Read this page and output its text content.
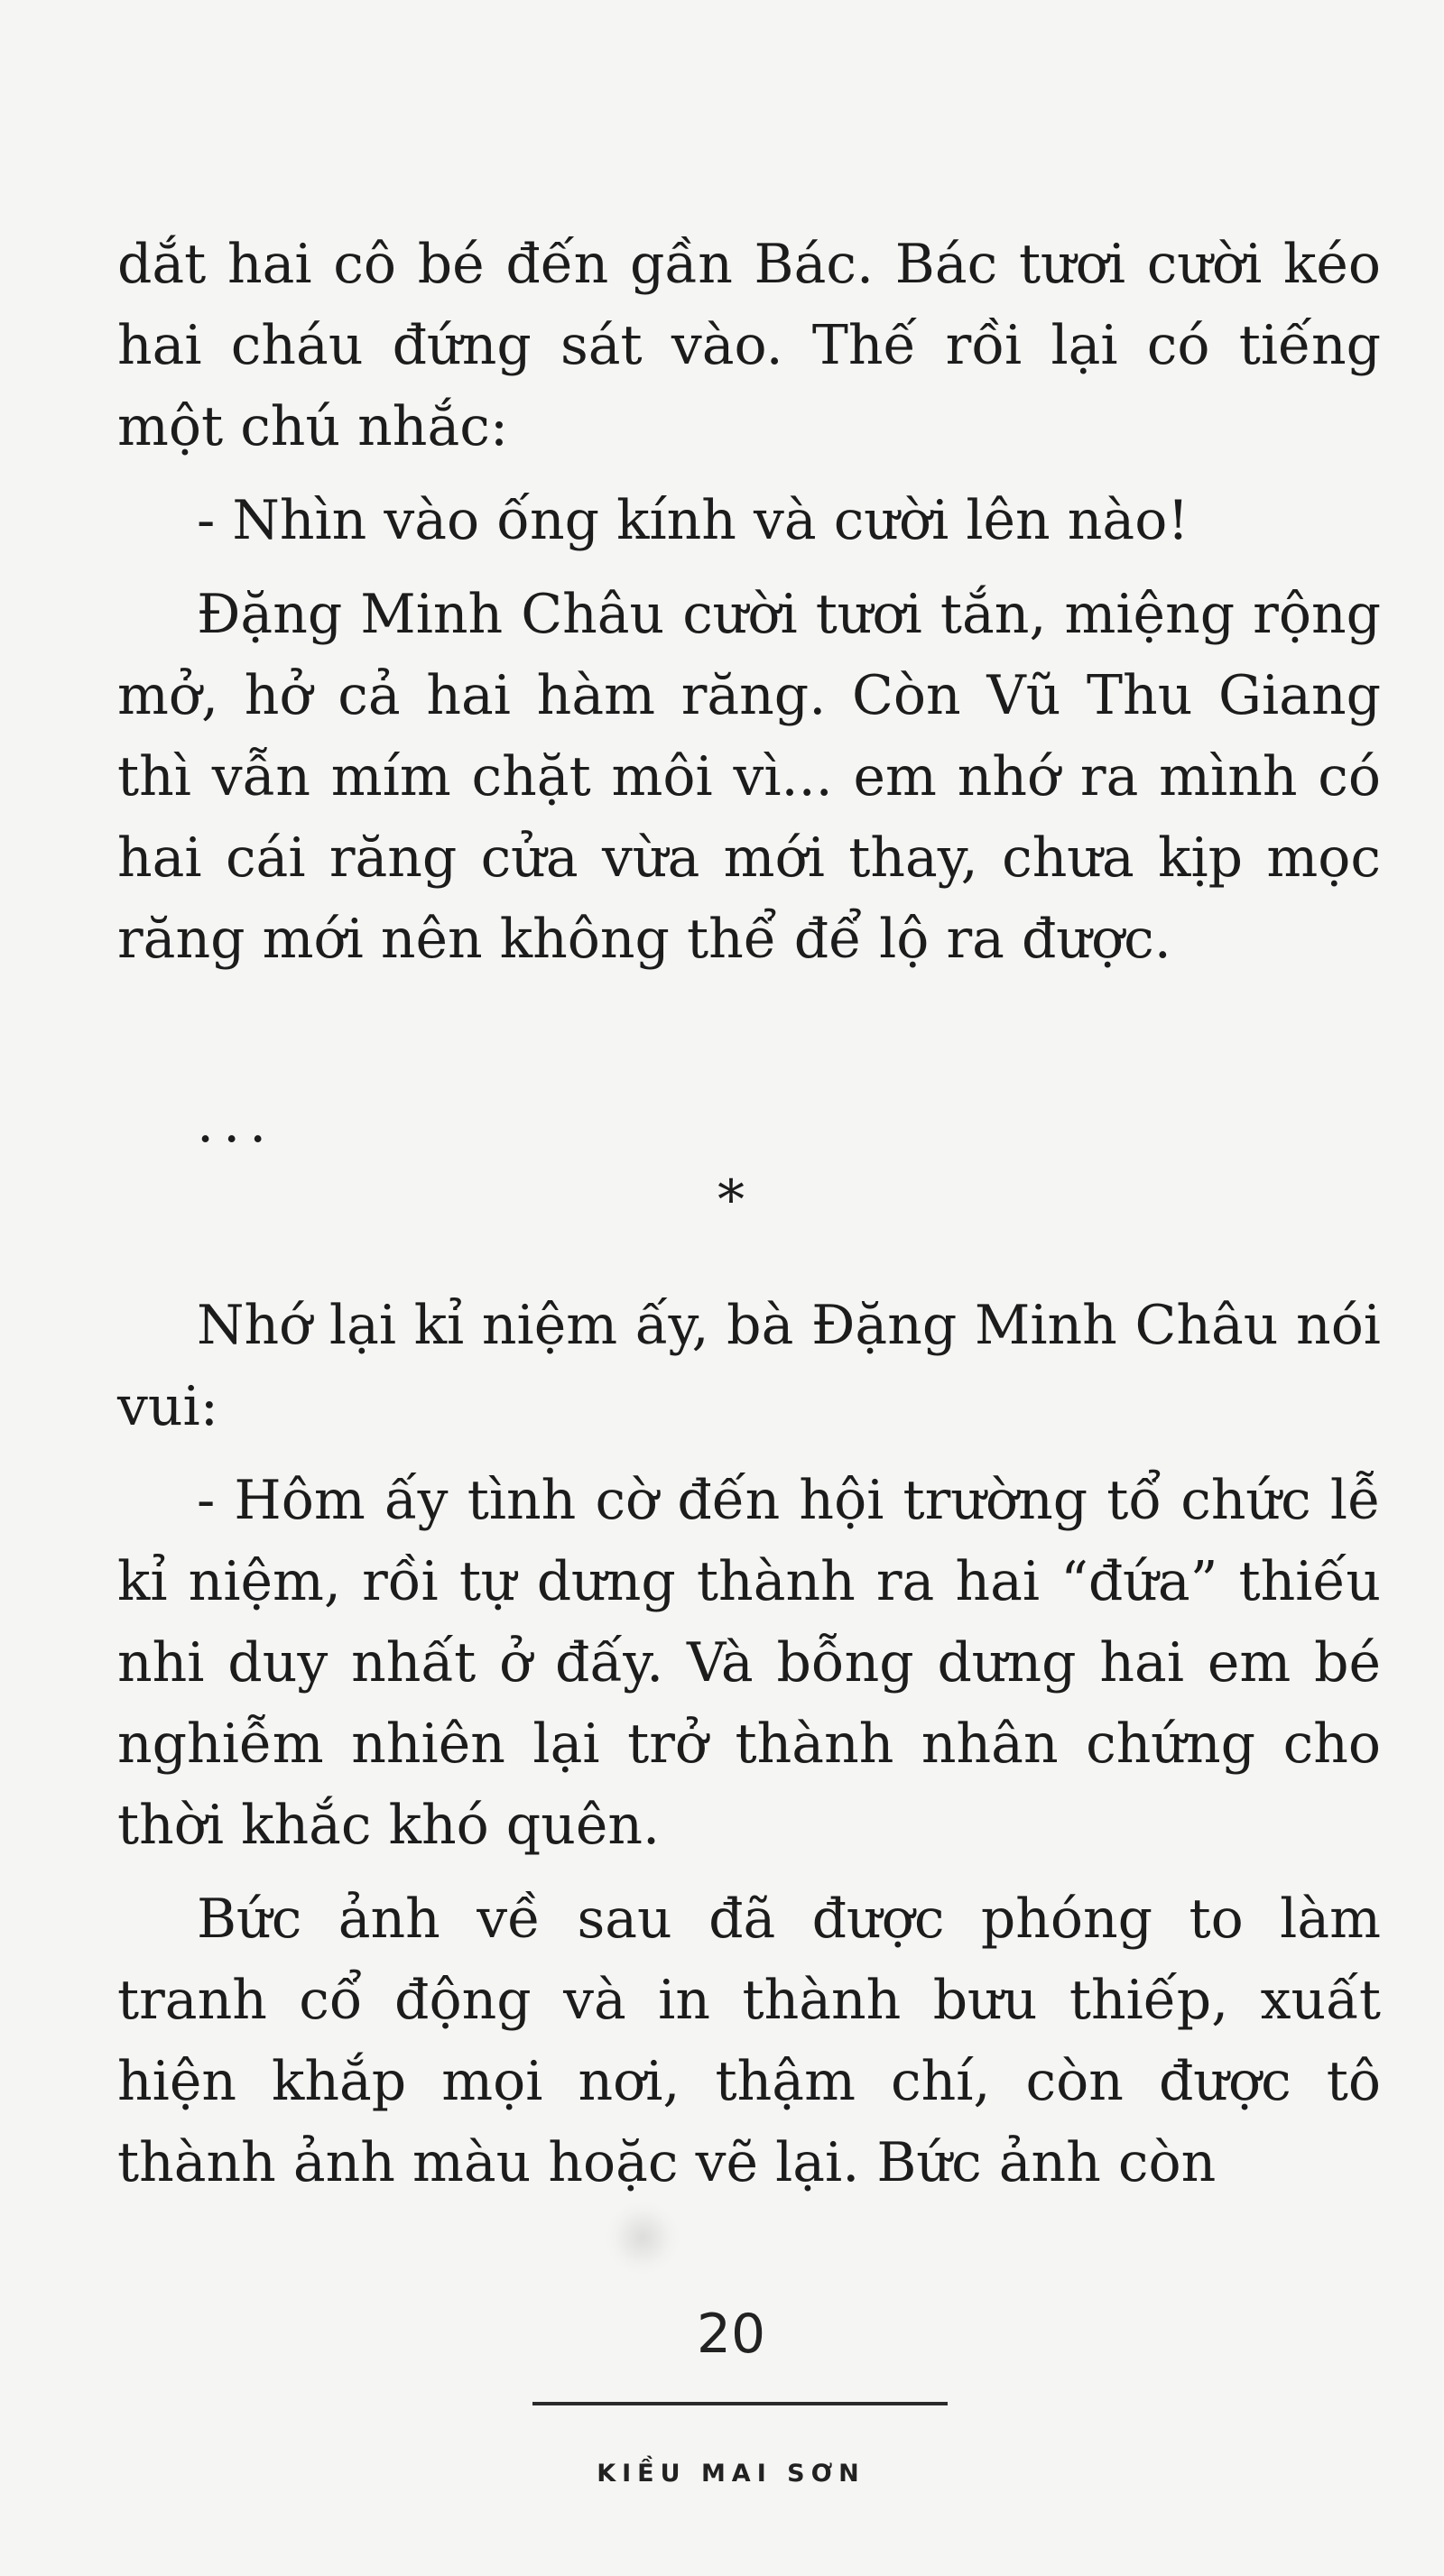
dắt hai cô bé đến gần Bác. Bác tươi cười kéo hai cháu đứng sát vào. Thế rồi lại có tiếng một chú nhắc:

- Nhìn vào ống kính và cười lên nào!

Đặng Minh Châu cười tươi tắn, miệng rộng mở, hở cả hai hàm răng. Còn Vũ Thu Giang thì vẫn mím chặt môi vì... em nhớ ra mình có hai cái răng cửa vừa mới thay, chưa kịp mọc răng mới nên không thể để lộ ra được.

...
*

Nhớ lại kỉ niệm ấy, bà Đặng Minh Châu nói vui:

- Hôm ấy tình cờ đến hội trường tổ chức lễ kỉ niệm, rồi tự dưng thành ra hai “đứa” thiếu nhi duy nhất ở đấy. Và bỗng dưng hai em bé nghiễm nhiên lại trở thành nhân chứng cho thời khắc khó quên.

Bức ảnh về sau đã được phóng to làm tranh cổ động và in thành bưu thiếp, xuất hiện khắp mọi nơi, thậm chí, còn được tô thành ảnh màu hoặc vẽ lại. Bức ảnh còn

20
KIỀU MAI SƠN
